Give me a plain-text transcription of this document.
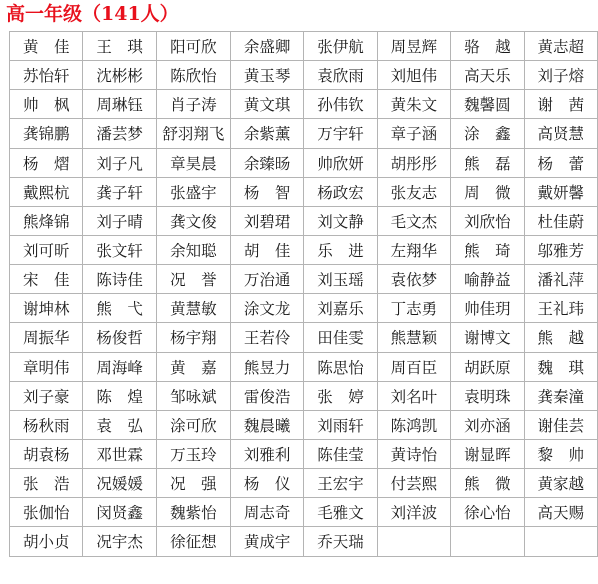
高一年级（141人）
黄　佳	王　琪	阳可欣	余盛卿	张伊航	周昱辉	骆　越	黄志超
苏怡轩	沈彬彬	陈欣怡	黄玉琴	袁欣雨	刘旭伟	高天乐	刘子熔
帅　枫	周琳钰	肖子涛	黄文琪	孙伟钦	黄朱文	魏馨圆	谢　茜
龚锦鹏	潘芸梦	舒羽翔飞	余紫薰	万宇轩	章子涵	涂　鑫	高贤慧
杨　熠	刘子凡	章昊晨	余臻旸	帅欣妍	胡彤彤	熊　磊	杨　蕾
戴熙杭	龚子轩	张盛宇	杨　智	杨政宏	张友志	周　微	戴妍馨
熊烽锦	刘子晴	龚文俊	刘碧珺	刘文静	毛文杰	刘欣怡	杜佳蔚
刘可昕	张文轩	余知聪	胡　佳	乐　进	左翔华	熊　琦	邬雅芳
宋　佳	陈诗佳	况　誉	万治通	刘玉瑶	袁依梦	喻静益	潘礼萍
谢坤林	熊　弋	黄慧敏	涂文龙	刘嘉乐	丁志勇	帅佳玥	王礼玮
周振华	杨俊哲	杨宇翔	王若伶	田佳雯	熊慧颖	谢博文	熊　越
章明伟	周海峰	黄　嘉	熊昱力	陈思怡	周百臣	胡跃原	魏　琪
刘子豪	陈　煌	邹咏斌	雷俊浩	张　婷	刘名叶	袁明珠	龚秦潼
杨秋雨	袁　弘	涂可欣	魏晨曦	刘雨轩	陈鸿凯	刘亦涵	谢佳芸
胡袁杨	邓世霖	万玉玲	刘雅利	陈佳莹	黄诗怡	谢显晖	黎　帅
张　浩	况媛媛	况　强	杨　仪	王宏宇	付芸熙	熊　微	黄家越
张伽怡	闵贤鑫	魏紫怡	周志奇	毛雅文	刘洋波	徐心怡	高天赐
胡小贞	况宇杰	徐征想	黄成宇	乔天瑞			
